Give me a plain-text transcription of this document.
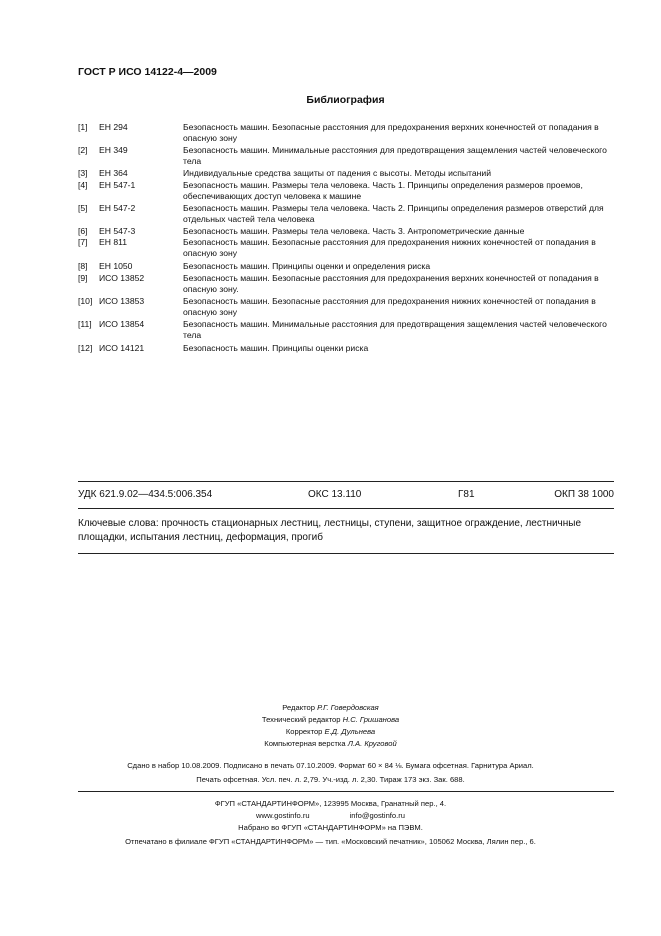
ГОСТ Р ИСО 14122-4—2009
Библиография
[1]	ЕН 294	Безопасность машин. Безопасные расстояния для предохранения верхних конечностей от попадания в опасную зону
[2]	ЕН 349	Безопасность машин. Минимальные расстояния для предотвращения защемления частей человеческого тела
[3]	ЕН 364	Индивидуальные средства защиты от падения с высоты. Методы испытаний
[4]	ЕН 547-1	Безопасность машин. Размеры тела человека. Часть 1. Принципы определения размеров проемов, обеспечивающих доступ человека к машине
[5]	ЕН 547-2	Безопасность машин. Размеры тела человека. Часть 2. Принципы определения размеров отверстий для отдельных частей тела человека
[6]	ЕН 547-3	Безопасность машин. Размеры тела человека. Часть 3. Антропометрические данные
[7]	ЕН 811	Безопасность машин. Безопасные расстояния для предохранения нижних конечностей от попадания в опасную зону
[8]	ЕН 1050	Безопасность машин. Принципы оценки и определения риска
[9]	ИСО 13852	Безопасность машин. Безопасные расстояния для предохранения верхних конечностей от попадания в опасную зону.
[10] ИСО 13853	Безопасность машин. Безопасные расстояния для предохранения нижних конечностей от попадания в опасную зону
[11] ИСО 13854	Безопасность машин. Минимальные расстояния для предотвращения защемления частей человеческого тела
[12] ИСО 14121	Безопасность машин. Принципы оценки риска
УДК 621.9.02—434.5:006.354	ОКС 13.110	Г81	ОКП 38 1000
Ключевые слова: прочность стационарных лестниц, лестницы, ступени, защитное ограждение, лестничные площадки, испытания лестниц, деформация, прогиб
Редактор Р.Г. Говердовская
Технический редактор Н.С. Гришанова
Корректор Е.Д. Дульнева
Компьютерная верстка Л.А. Круговой
Сдано в набор 10.08.2009. Подписано в печать 07.10.2009. Формат 60 × 84 ⅛. Бумага офсетная. Гарнитура Ариал.
Печать офсетная. Усл. печ. л. 2,79. Уч.-изд. л. 2,30. Тираж 173 экз. Зак. 688.
ФГУП «СТАНДАРТИНФОРМ», 123995 Москва, Гранатный пер., 4.
www.gostinfo.ru	info@gostinfo.ru
Набрано во ФГУП «СТАНДАРТИНФОРМ» на ПЭВМ.
Отпечатано в филиале ФГУП «СТАНДАРТИНФОРМ» — тип. «Московский печатник», 105062 Москва, Лялин пер., 6.
